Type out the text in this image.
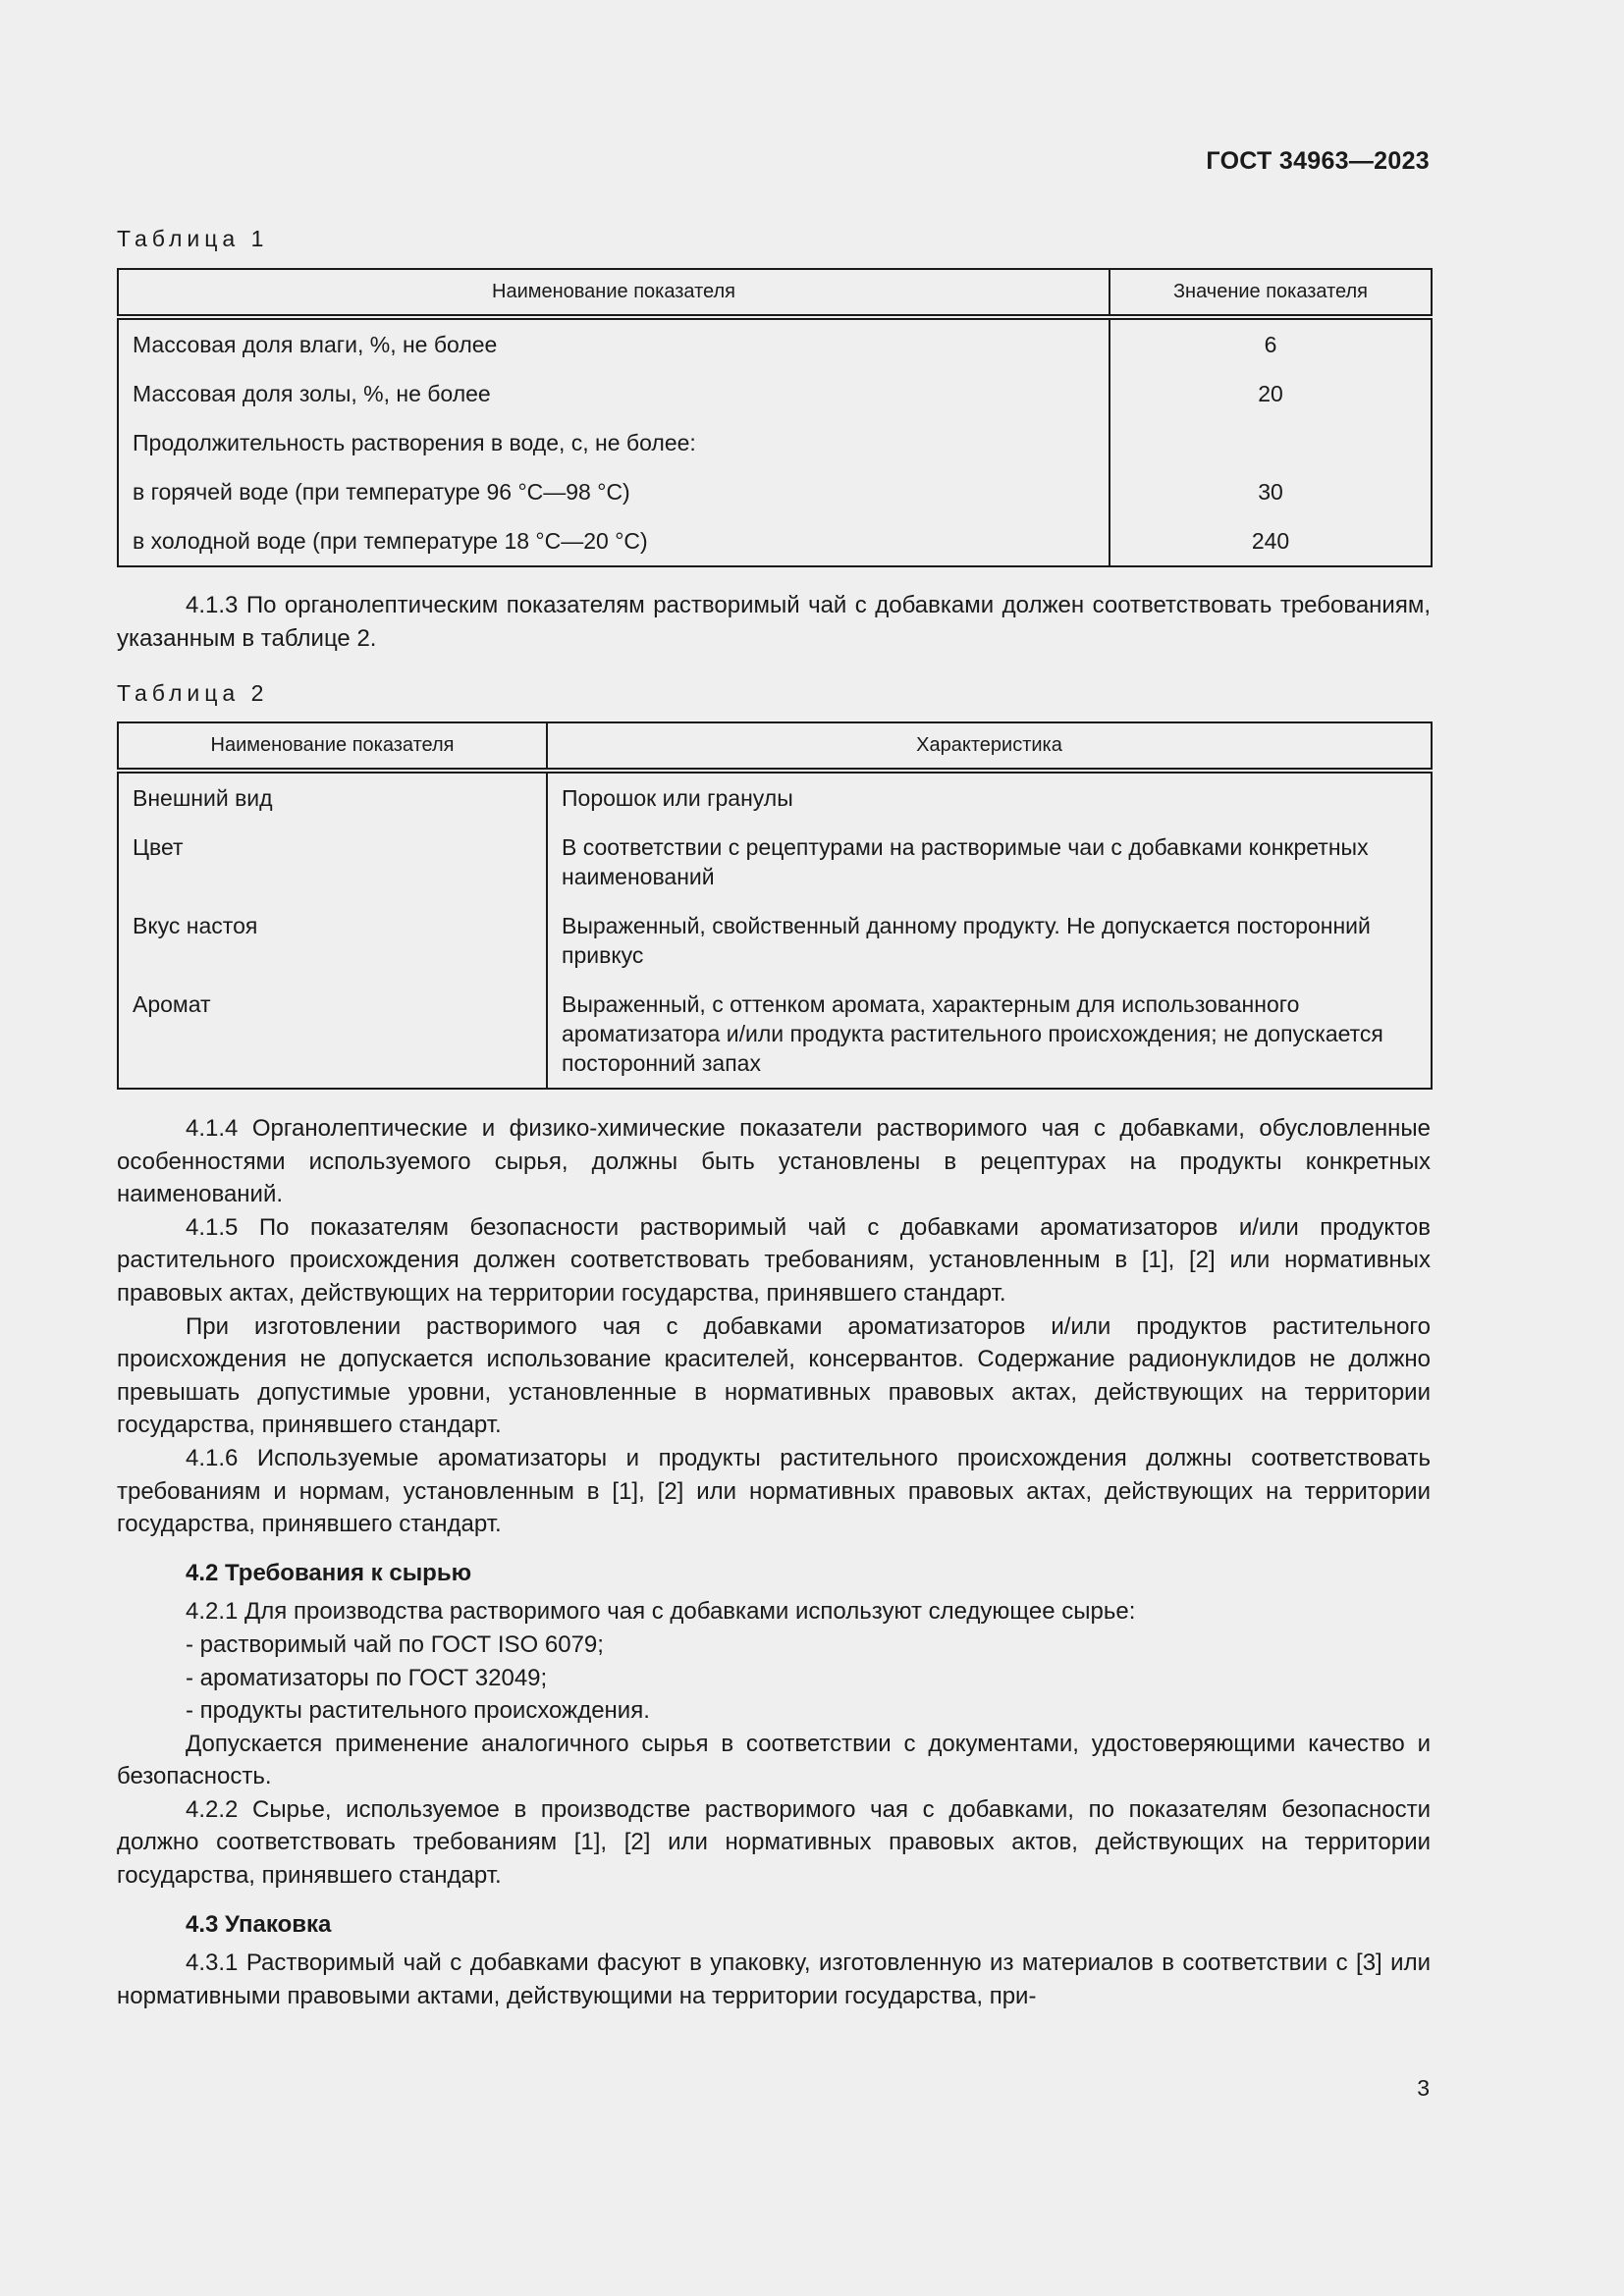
ГОСТ 34963—2023
Таблица 1
Наименование показателя	Значение показателя
Массовая доля влаги, %, не более	6
Массовая доля золы, %, не более	20
Продолжительность растворения в воде, с, не более:	
в горячей воде (при температуре 96 °С—98 °С)	30
в холодной воде (при температуре 18 °С—20 °С)	240

4.1.3 По органолептическим показателям растворимый чай с добавками должен соответствовать требованиям, указанным в таблице 2.

Таблица 2
Наименование показателя	Характеристика
Внешний вид	Порошок или гранулы
Цвет	В соответствии с рецептурами на растворимые чаи с добавками конкретных наименований
Вкус настоя	Выраженный, свойственный данному продукту. Не допускается посторонний привкус
Аромат	Выраженный, с оттенком аромата, характерным для использованного ароматизатора и/или продукта растительного происхождения; не допускается посторонний запах

4.1.4 Органолептические и физико-химические показатели растворимого чая с добавками, обусловленные особенностями используемого сырья, должны быть установлены в рецептурах на продукты конкретных наименований.

4.1.5 По показателям безопасности растворимый чай с добавками ароматизаторов и/или продуктов растительного происхождения должен соответствовать требованиям, установленным в [1], [2] или нормативных правовых актах, действующих на территории государства, принявшего стандарт.

При изготовлении растворимого чая с добавками ароматизаторов и/или продуктов растительного происхождения не допускается использование красителей, консервантов. Содержание радионуклидов не должно превышать допустимые уровни, установленные в нормативных правовых актах, действующих на территории государства, принявшего стандарт.

4.1.6 Используемые ароматизаторы и продукты растительного происхождения должны соответствовать требованиям и нормам, установленным в [1], [2] или нормативных правовых актах, действующих на территории государства, принявшего стандарт.

4.2 Требования к сырью

4.2.1 Для производства растворимого чая с добавками используют следующее сырье:

- растворимый чай по ГОСТ ISO 6079;

- ароматизаторы по ГОСТ 32049;

- продукты растительного происхождения.

Допускается применение аналогичного сырья в соответствии с документами, удостоверяющими качество и безопасность.

4.2.2 Сырье, используемое в производстве растворимого чая с добавками, по показателям безопасности должно соответствовать требованиям [1], [2] или нормативных правовых актов, действующих на территории государства, принявшего стандарт.

4.3 Упаковка

4.3.1 Растворимый чай с добавками фасуют в упаковку, изготовленную из материалов в соответствии с [3] или нормативными правовыми актами, действующими на территории государства, при-

3
